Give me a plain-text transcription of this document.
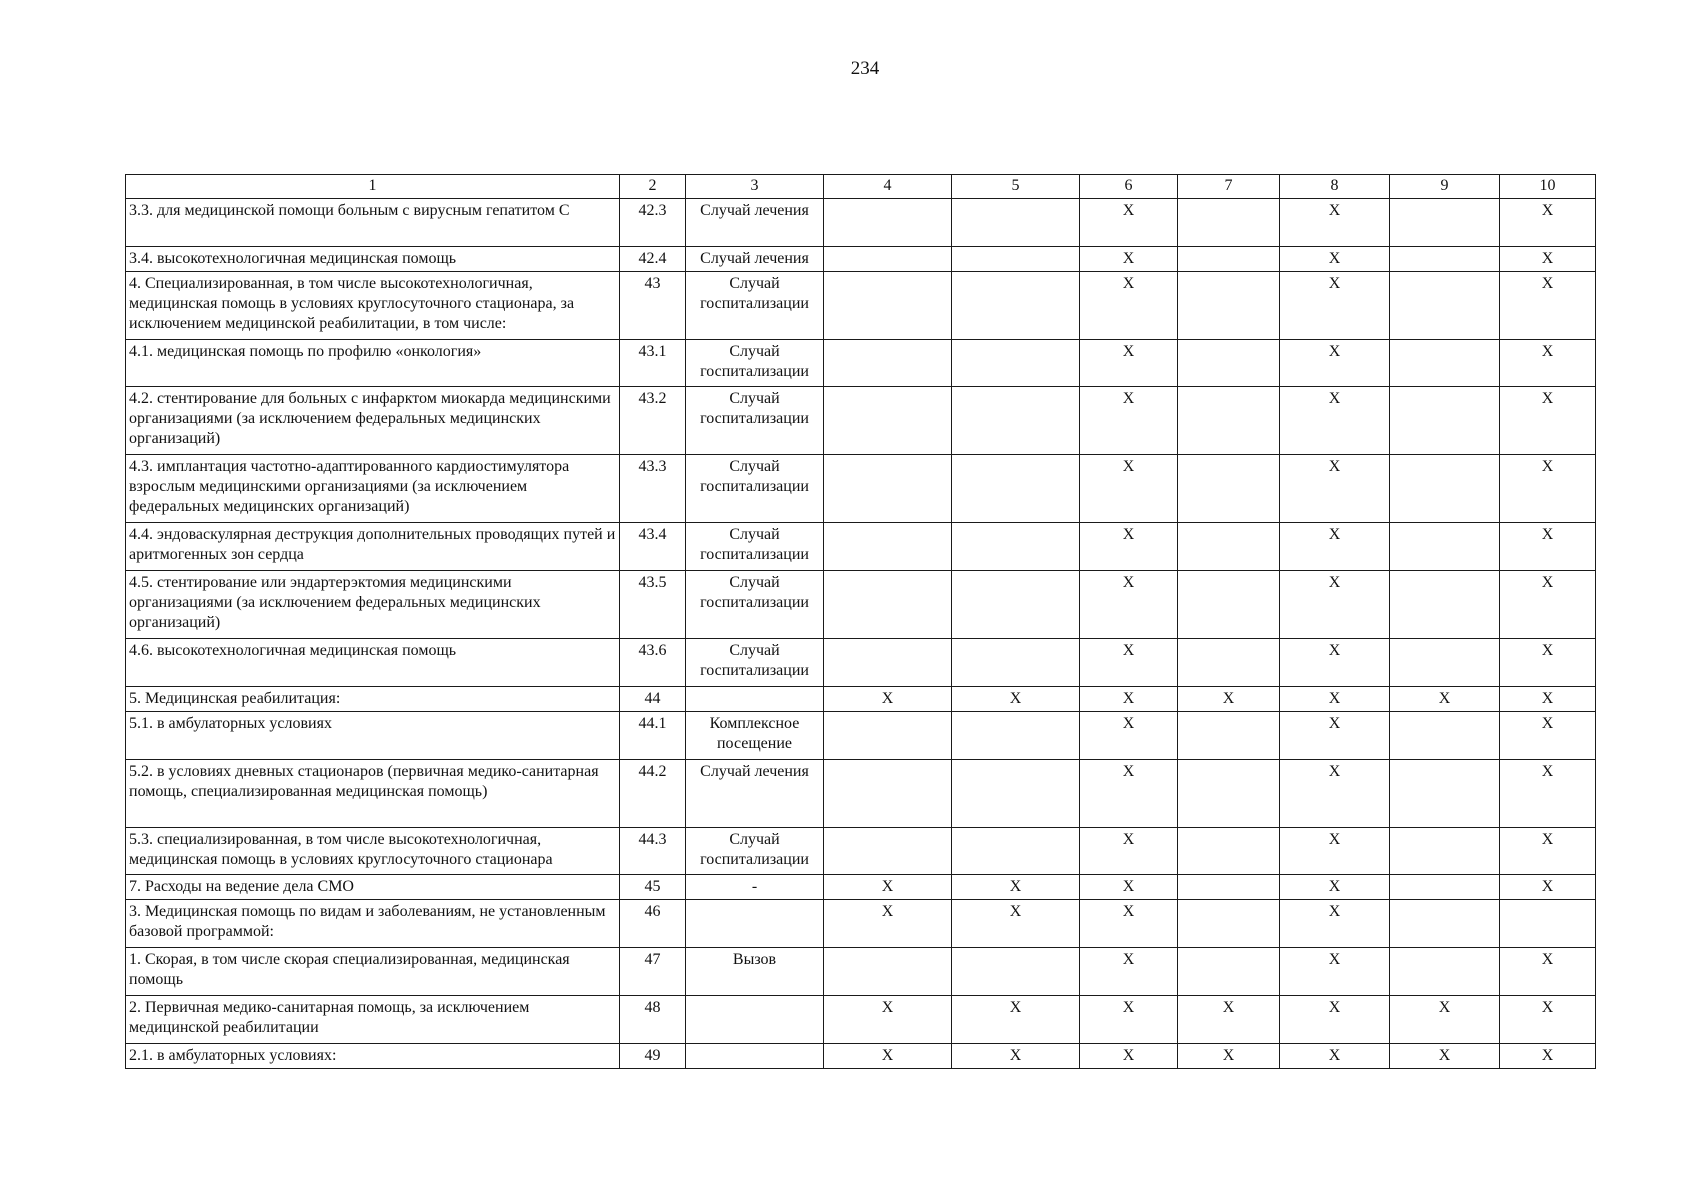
234
1	2	3	4	5	6	7	8	9	10
3.3. для медицинской помощи больным с вирусным гепатитом С	42.3	Случай лечения			X		X		X
3.4. высокотехнологичная медицинская помощь	42.4	Случай лечения			X		X		X
4. Специализированная, в том числе высокотехнологичная, медицинская помощь в условиях круглосуточного стационара, за исключением медицинской реабилитации, в том числе:	43	Случай госпитализации			X		X		X
4.1. медицинская помощь по профилю «онкология»	43.1	Случай госпитализации			X		X		X
4.2. стентирование для больных с инфарктом миокарда медицинскими организациями (за исключением федеральных медицинских организаций)	43.2	Случай госпитализации			X		X		X
4.3. имплантация частотно-адаптированного кардиостимулятора взрослым медицинскими организациями (за исключением федеральных медицинских организаций)	43.3	Случай госпитализации			X		X		X
4.4. эндоваскулярная деструкция дополнительных проводящих путей и аритмогенных зон сердца	43.4	Случай госпитализации			X		X		X
4.5. стентирование или эндартерэктомия медицинскими организациями (за исключением федеральных медицинских организаций)	43.5	Случай госпитализации			X		X		X
4.6. высокотехнологичная медицинская помощь	43.6	Случай госпитализации			X		X		X
5. Медицинская реабилитация:	44		X	X	X	X	X	X	X
5.1. в амбулаторных условиях	44.1	Комплексное посещение			X		X		X
5.2. в условиях дневных стационаров (первичная медико-санитарная помощь, специализированная медицинская помощь)	44.2	Случай лечения			X		X		X
5.3. специализированная, в том числе высокотехнологичная, медицинская помощь в условиях круглосуточного стационара	44.3	Случай госпитализации			X		X		X
7. Расходы на ведение дела СМО	45	-	X	X	X		X		X
3. Медицинская помощь по видам и заболеваниям, не установленным базовой программой:	46		X	X	X		X		
1. Скорая, в том числе скорая специализированная, медицинская помощь	47	Вызов			X		X		X
2. Первичная медико-санитарная помощь, за исключением медицинской реабилитации	48		X	X	X	X	X	X	X
2.1. в амбулаторных условиях:	49		X	X	X	X	X	X	X
